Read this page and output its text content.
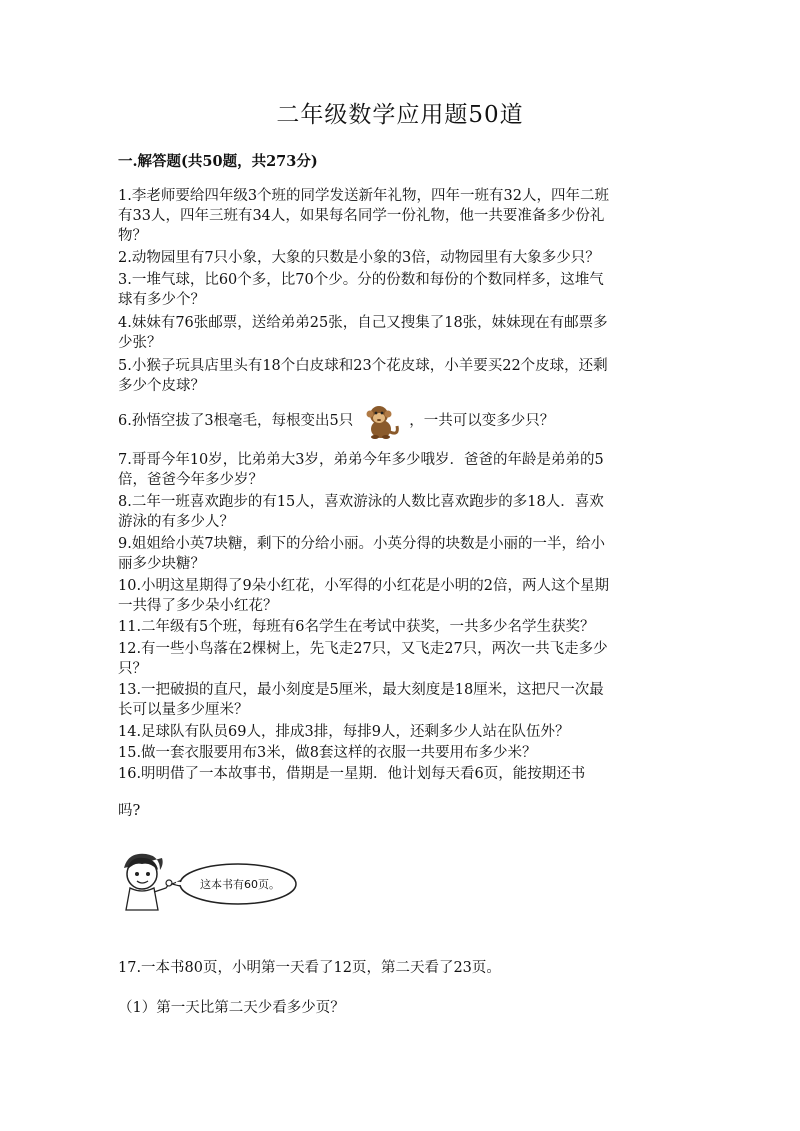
二年级数学应用题50道
一.解答题(共50题，共273分)
1.李老师要给四年级3个班的同学发送新年礼物，四年一班有32人，四年二班
有33人，四年三班有34人，如果每名同学一份礼物，他一共要准备多少份礼
物？
2.动物园里有7只小象，大象的只数是小象的3倍，动物园里有大象多少只？
3.一堆气球，比60个多，比70个少。分的份数和每份的个数同样多，这堆气
球有多少个？
4.妹妹有76张邮票，送给弟弟25张，自己又搜集了18张，妹妹现在有邮票多
少张？
5.小猴子玩具店里头有18个白皮球和23个花皮球，小羊要买22个皮球，还剩
多少个皮球？
6.孙悟空拔了3根毫毛，每根变出5只	，一共可以变多少只？
7.哥哥今年10岁，比弟弟大3岁，弟弟今年多少哦岁．爸爸的年龄是弟弟的5
倍，爸爸今年多少岁？
8.二年一班喜欢跑步的有15人，喜欢游泳的人数比喜欢跑步的多18人．喜欢
游泳的有多少人？
9.姐姐给小英7块糖，剩下的分给小丽。小英分得的块数是小丽的一半，给小
丽多少块糖？
10.小明这星期得了9朵小红花，小军得的小红花是小明的2倍，两人这个星期
一共得了多少朵小红花？
11.二年级有5个班，每班有6名学生在考试中获奖，一共多少名学生获奖？
12.有一些小鸟落在2棵树上，先飞走27只，又飞走27只，两次一共飞走多少
只？
13.一把破损的直尺，最小刻度是5厘米，最大刻度是18厘米，这把尺一次最
长可以量多少厘米？
14.足球队有队员69人，排成3排，每排9人，还剩多少人站在队伍外？
15.做一套衣服要用布3米，做8套这样的衣服一共要用布多少米？
16.明明借了一本故事书，借期是一星期．他计划每天看6页，能按期还书
吗?
这本书有60页。
17.一本书80页，小明第一天看了12页，第二天看了23页。
（1）第一天比第二天少看多少页？
